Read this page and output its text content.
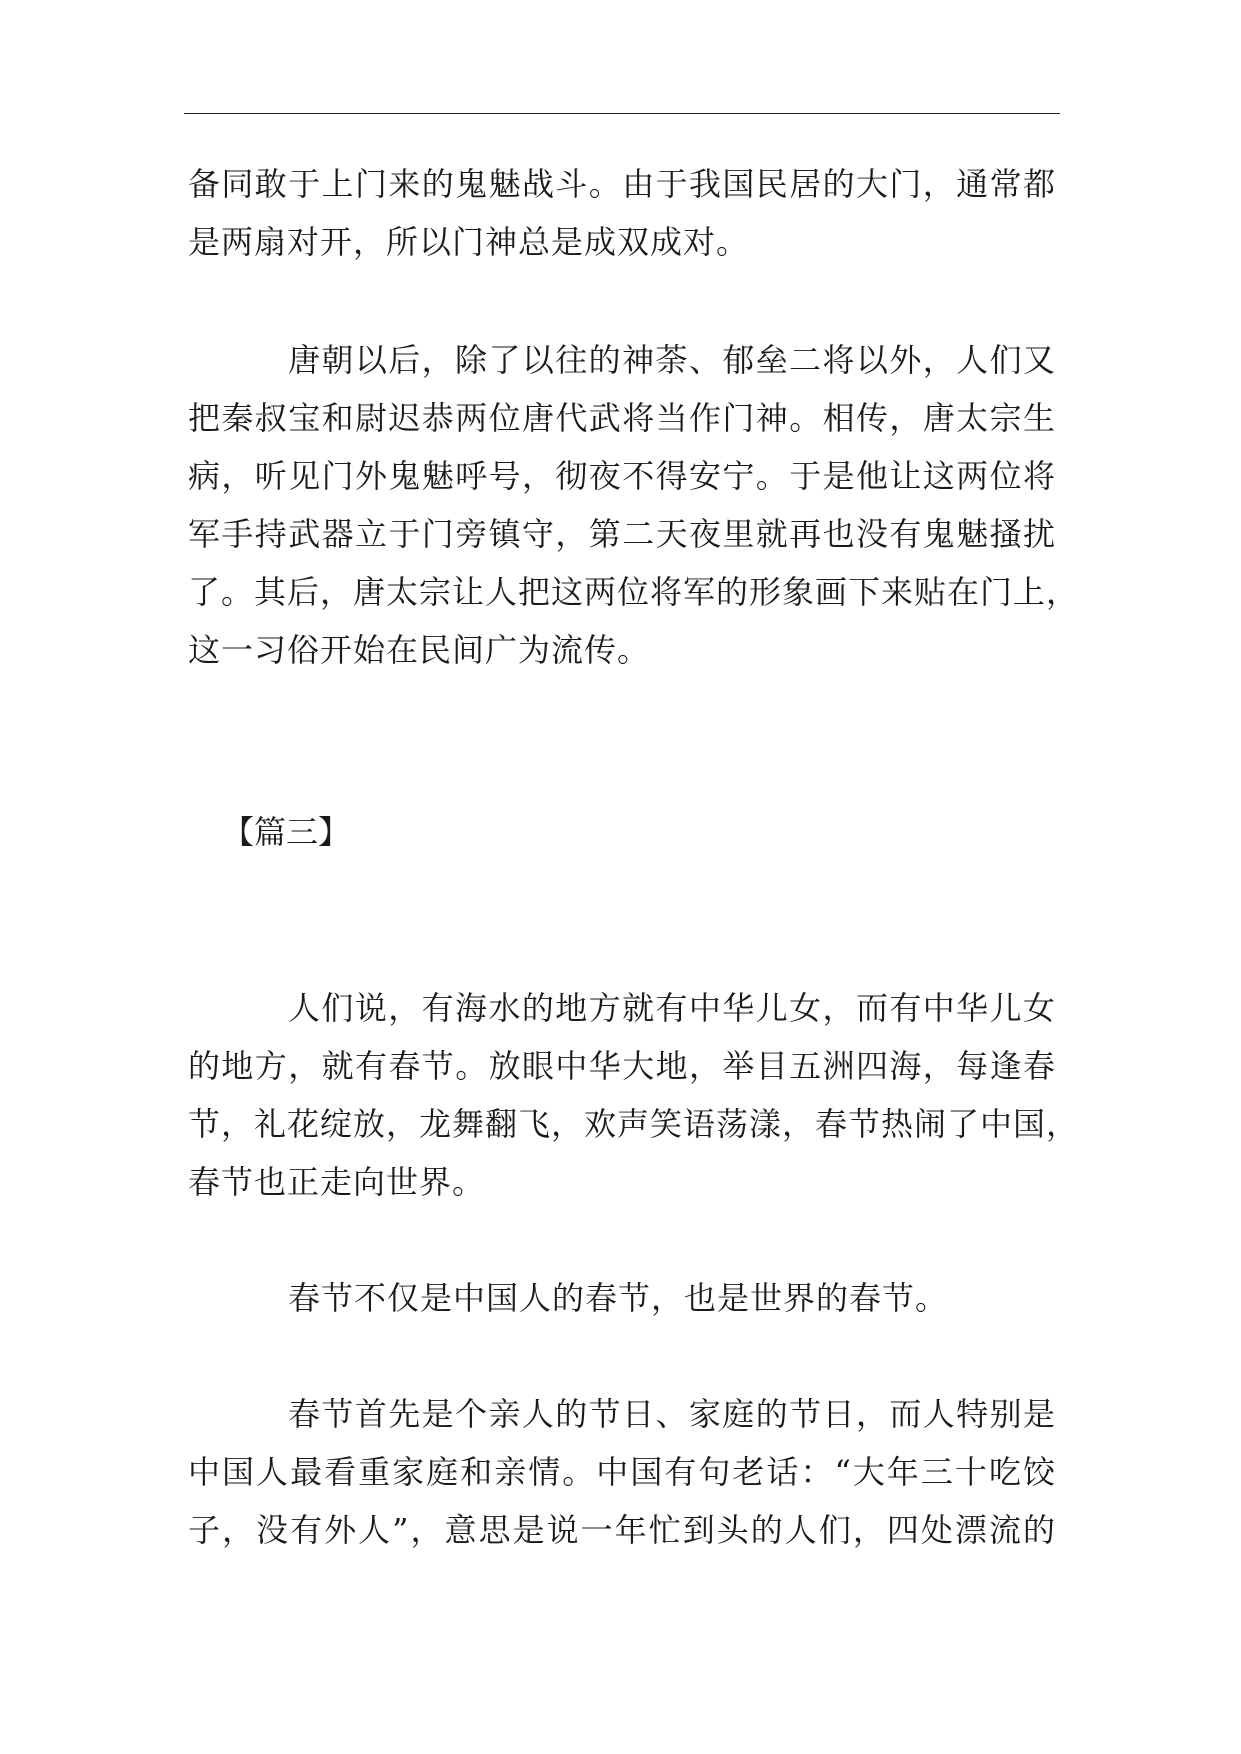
备同敢于上门来的鬼魅战斗。由于我国民居的大门，通常都
是两扇对开，所以门神总是成双成对。
唐朝以后，除了以往的神荼、郁垒二将以外，人们又
把秦叔宝和尉迟恭两位唐代武将当作门神。相传，唐太宗生
病，听见门外鬼魅呼号，彻夜不得安宁。于是他让这两位将
军手持武器立于门旁镇守，第二天夜里就再也没有鬼魅搔扰
了。其后，唐太宗让人把这两位将军的形象画下来贴在门上，
这一习俗开始在民间广为流传。
【篇三】
人们说，有海水的地方就有中华儿女，而有中华儿女
的地方，就有春节。放眼中华大地，举目五洲四海，每逢春
节，礼花绽放，龙舞翻飞，欢声笑语荡漾，春节热闹了中国，
春节也正走向世界。
春节不仅是中国人的春节，也是世界的春节。
春节首先是个亲人的节日、家庭的节日，而人特别是
中国人最看重家庭和亲情。中国有句老话：“大年三十吃饺
子，没有外人”，意思是说一年忙到头的人们，四处漂流的
